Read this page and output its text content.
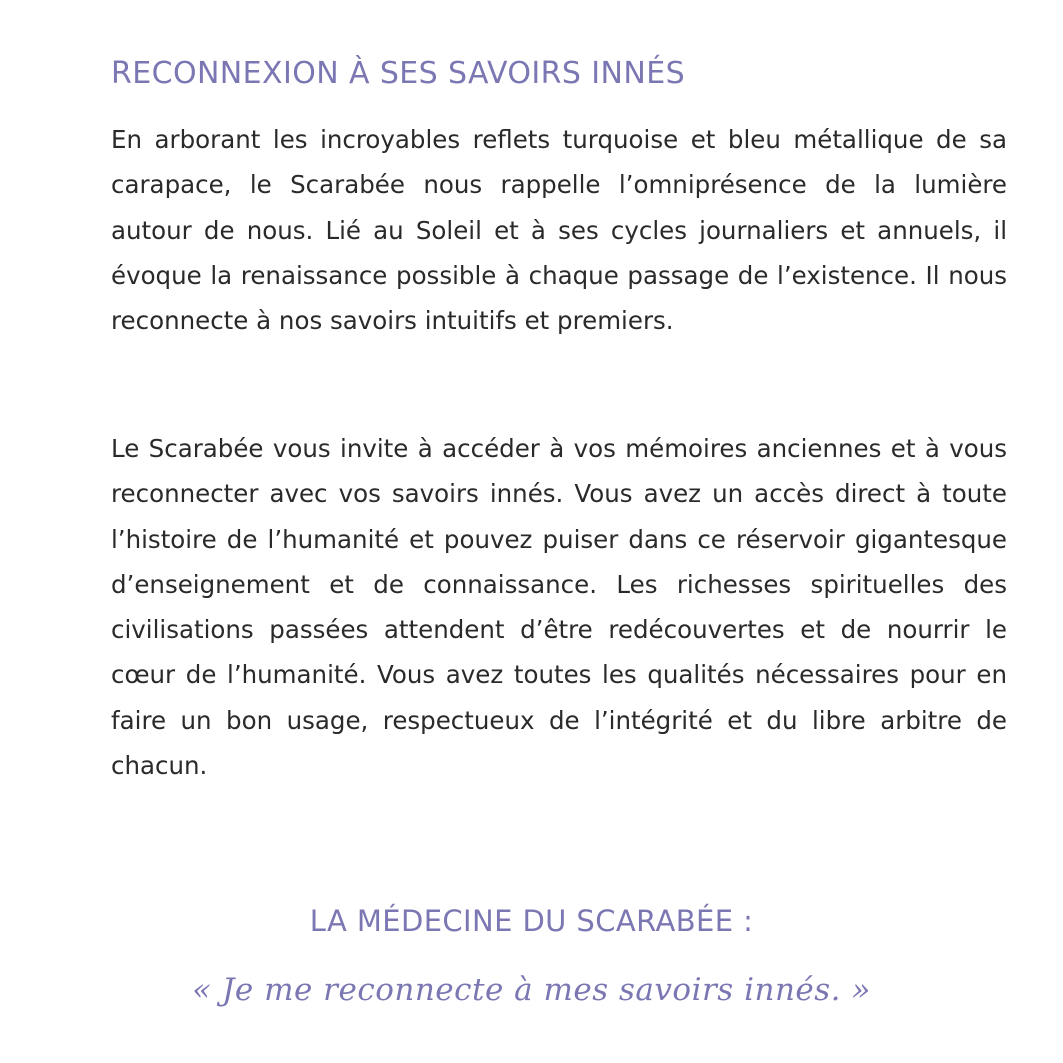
RECONNEXION À SES SAVOIRS INNÉS

En arborant les incroyables reflets turquoise et bleu métallique de sa carapace, le Scarabée nous rappelle l’omniprésence de la lumière autour de nous. Lié au Soleil et à ses cycles journaliers et annuels, il évoque la renaissance possible à chaque passage de l’existence. Il nous reconnecte à nos savoirs intuitifs et premiers.

Le Scarabée vous invite à accéder à vos mémoires anciennes et à vous reconnecter avec vos savoirs innés. Vous avez un accès direct à toute l’histoire de l’humanité et pouvez puiser dans ce réservoir gigantesque d’enseignement et de connaissance. Les richesses spirituelles des civilisations passées attendent d’être redécouvertes et de nourrir le cœur de l’humanité. Vous avez toutes les qualités nécessaires pour en faire un bon usage, respectueux de l’intégrité et du libre arbitre de chacun.

LA MÉDECINE DU SCARABÉE :

« Je me reconnecte à mes savoirs innés. »
